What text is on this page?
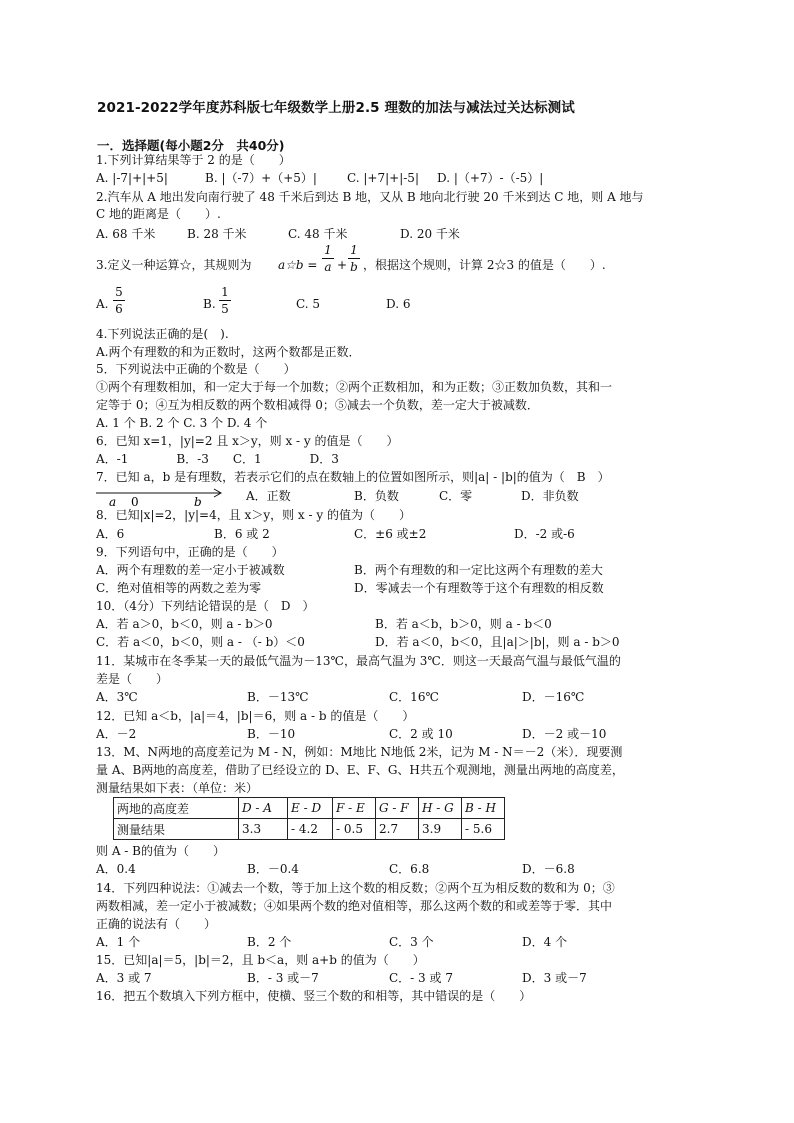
2021-2022学年度苏科版七年级数学上册2.5 理数的加法与减法过关达标测试
一．选择题(每小题2分　共40分)
1.下列计算结果等于 2 的是（　　）
A. |-7|+|+5|	B. |（-7）+（+5）|	C. |+7|+|-5| D. |（+7）-（-5）|
2.汽车从 A 地出发向南行驶了 48 千米后到达 B 地，又从 B 地向北行驶 20 千米到达 C 地，则 A 地与
C 地的距离是（　　）.
A. 68 千米	B. 28 千米	C. 48 千米	D. 20 千米
3.定义一种运算☆，其规则为 a☆b =
1
a +
1
b ，根据这个规则，计算 2☆3 的值是（　　）.
A.
5
6	B.
1
5	C. 5	D. 6
4.下列说法正确的是(　).
A.两个有理数的和为正数时，这两个数都是正数．
5．下列说法中正确的个数是（　　）
①两个有理数相加，和一定大于每一个加数；②两个正数相加，和为正数；③正数加负数，其和一
定等于 0；④互为相反数的两个数相减得 0；⑤减去一个负数，差一定大于被减数．
A. 1 个 B. 2 个 C. 3 个 D. 4 个
6．已知 x=1，|y|=2 且 x＞y，则 x - y 的值是（　　）
A．‐1　　　　B．‐3　　C．1　　　　D．3
7．已知 a，b 是有理数，若表示它们的点在数轴上的位置如图所示，则|a| - |b|的值为（　B　）
a 0	b	A．正数	B．负数	C．零	D．非负数
8．已知|x|=2，|y|=4，且 x＞y，则 x - y 的值为（　　）
A．6	B．6 或 2	C．±6 或±2	D．‐2 或‐6
9．下列语句中，正确的是（　　）
A．两个有理数的差一定小于被减数	B．两个有理数的和一定比这两个有理数的差大
C．绝对值相等的两数之差为零	D．零减去一个有理数等于这个有理数的相反数
10．（4分）下列结论错误的是（　D　）
A．若 a＞0，b＜0，则 a - b＞0	B．若 a＜b，b＞0，则 a - b＜0
C．若 a＜0，b＜0，则 a - （- b）＜0	D．若 a＜0，b＜0，且|a|＞|b|，则 a - b＞0
11．某城市在冬季某一天的最低气温为－13℃，最高气温为 3℃．则这一天最高气温与最低气温的
差是（　　）
A．3℃	B．－13℃	C．16℃	D．－16℃
12．已知 a＜b，|a|＝4，|b|＝6，则 a - b 的值是（　　）
A．－2	B．－10	C．2 或 10	D．－2 或－10
13．M、N两地的高度差记为 M - N，例如：M地比 N地低 2米，记为 M - N＝－2（米）．现要测
量 A、B两地的高度差，借助了已经设立的 D、E、F、G、H共五个观测地，测量出两地的高度差，
测量结果如下表：（单位：米）
两地的高度差	D - A	E - D	F - E	G - F	H - G	B - H
测量结果	3.3	- 4.2	- 0.5	2.7	3.9	- 5.6
则 A - B的值为（　　）
A．0.4	B．－0.4	C．6.8	D．－6.8
14．下列四种说法：①减去一个数，等于加上这个数的相反数；②两个互为相反数的数和为 0；③
两数相减，差一定小于被减数；④如果两个数的绝对值相等，那么这两个数的和或差等于零．其中
正确的说法有（　　）
A．1 个	B．2 个	C．3 个	D．4 个
15．已知|a|＝5，|b|＝2，且 b＜a，则 a+b 的值为（　　）
A．3 或 7	B．- 3 或－7	C．- 3 或 7	D．3 或－7
16．把五个数填入下列方框中，使横、竖三个数的和相等，其中错误的是（　　）
